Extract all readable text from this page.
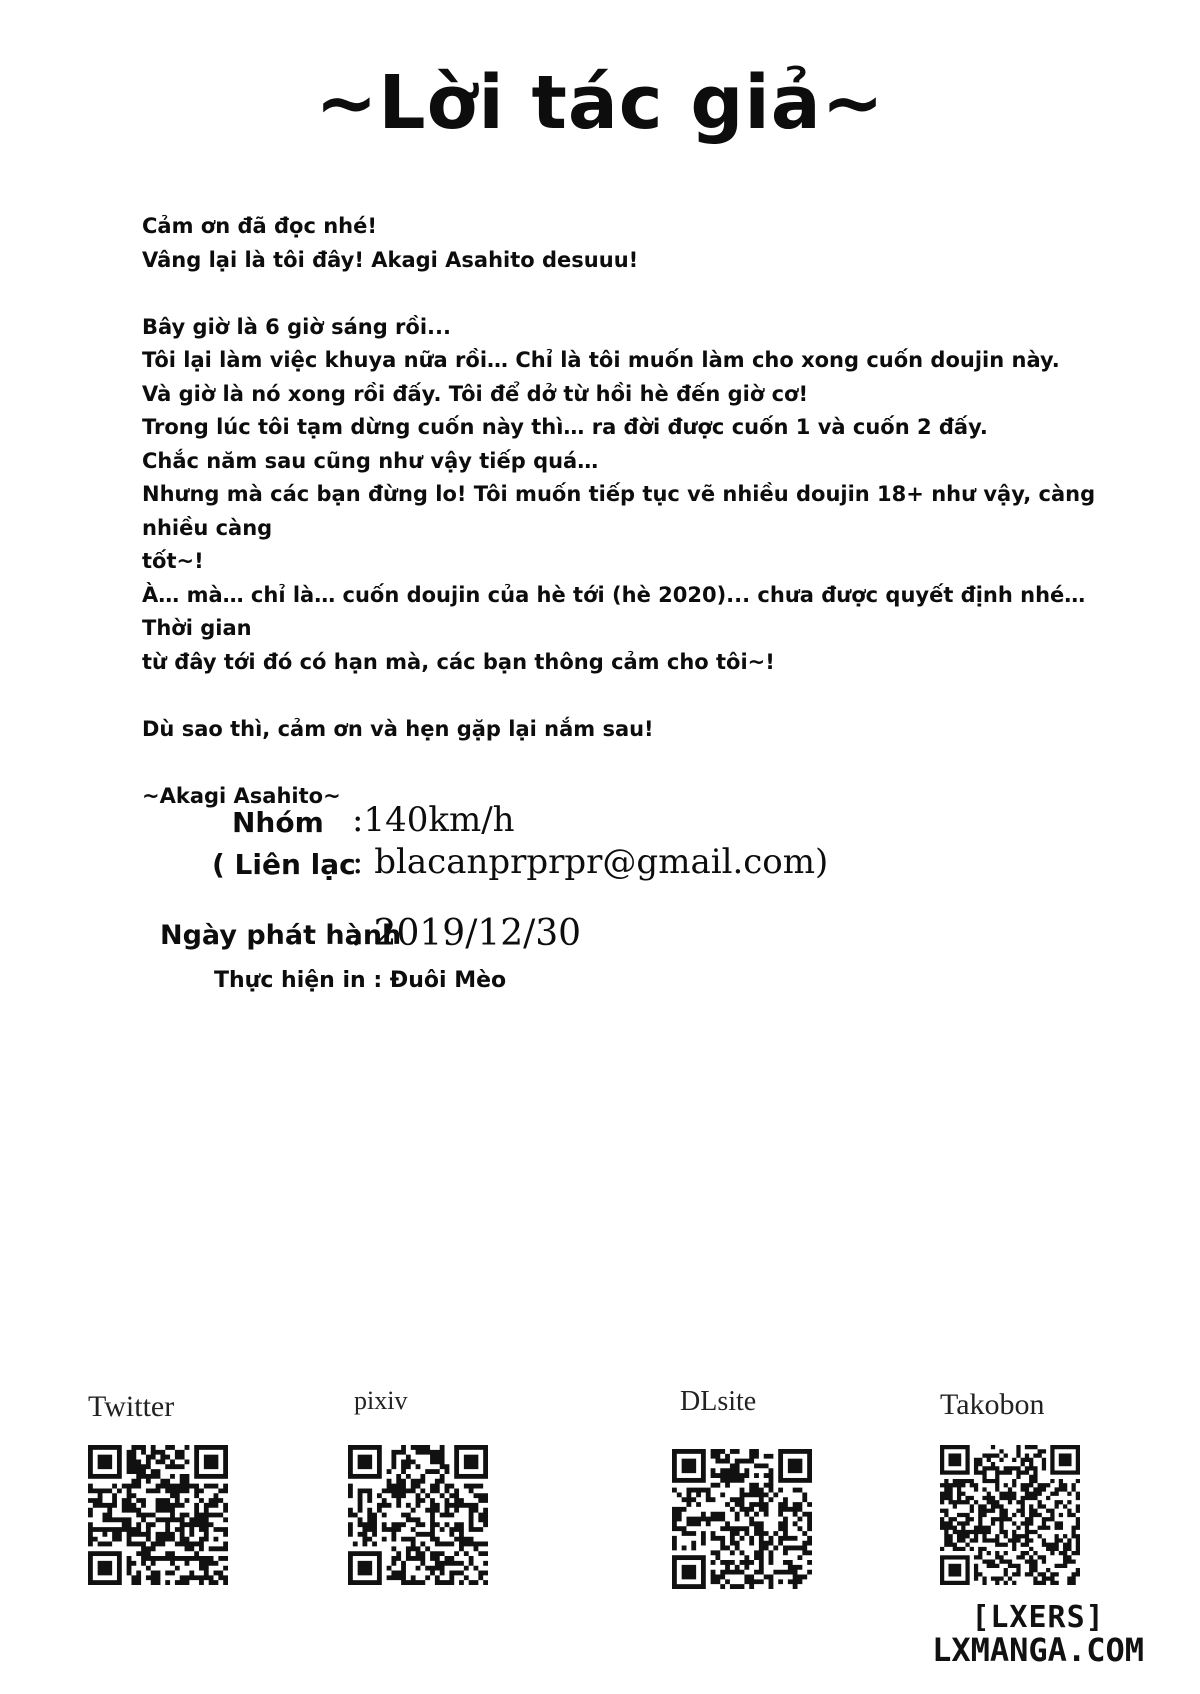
~Lời tác giả~

Cảm ơn đã đọc nhé!
Vâng lại là tôi đây! Akagi Asahito desuuu!

Bây giờ là 6 giờ sáng rồi...
Tôi lại làm việc khuya nữa rồi… Chỉ là tôi muốn làm cho xong cuốn doujin này.
Và giờ là nó xong rồi đấy. Tôi để dở từ hồi hè đến giờ cơ!
Trong lúc tôi tạm dừng cuốn này thì… ra đời được cuốn 1 và cuốn 2 đấy.
Chắc năm sau cũng như vậy tiếp quá…
Nhưng mà các bạn đừng lo! Tôi muốn tiếp tục vẽ nhiều doujin 18+ như vậy, càng nhiều càng
tốt~!
À… mà… chỉ là… cuốn doujin của hè tới (hè 2020)... chưa được quyết định nhé… Thời gian
từ đây tới đó có hạn mà, các bạn thông cảm cho tôi~!

Dù sao thì, cảm ơn và hẹn gặp lại nắm sau!

~Akagi Asahito~

Nhóm :140km/h
( Liên lạc
: blacanprprpr@gmail.com)
Ngày phát hành
: 2019/12/30
Thực hiện in : Đuôi Mèo
Twitter	pixiv	DLsite	Takobon
[LXERS]
LXMANGA.COM
